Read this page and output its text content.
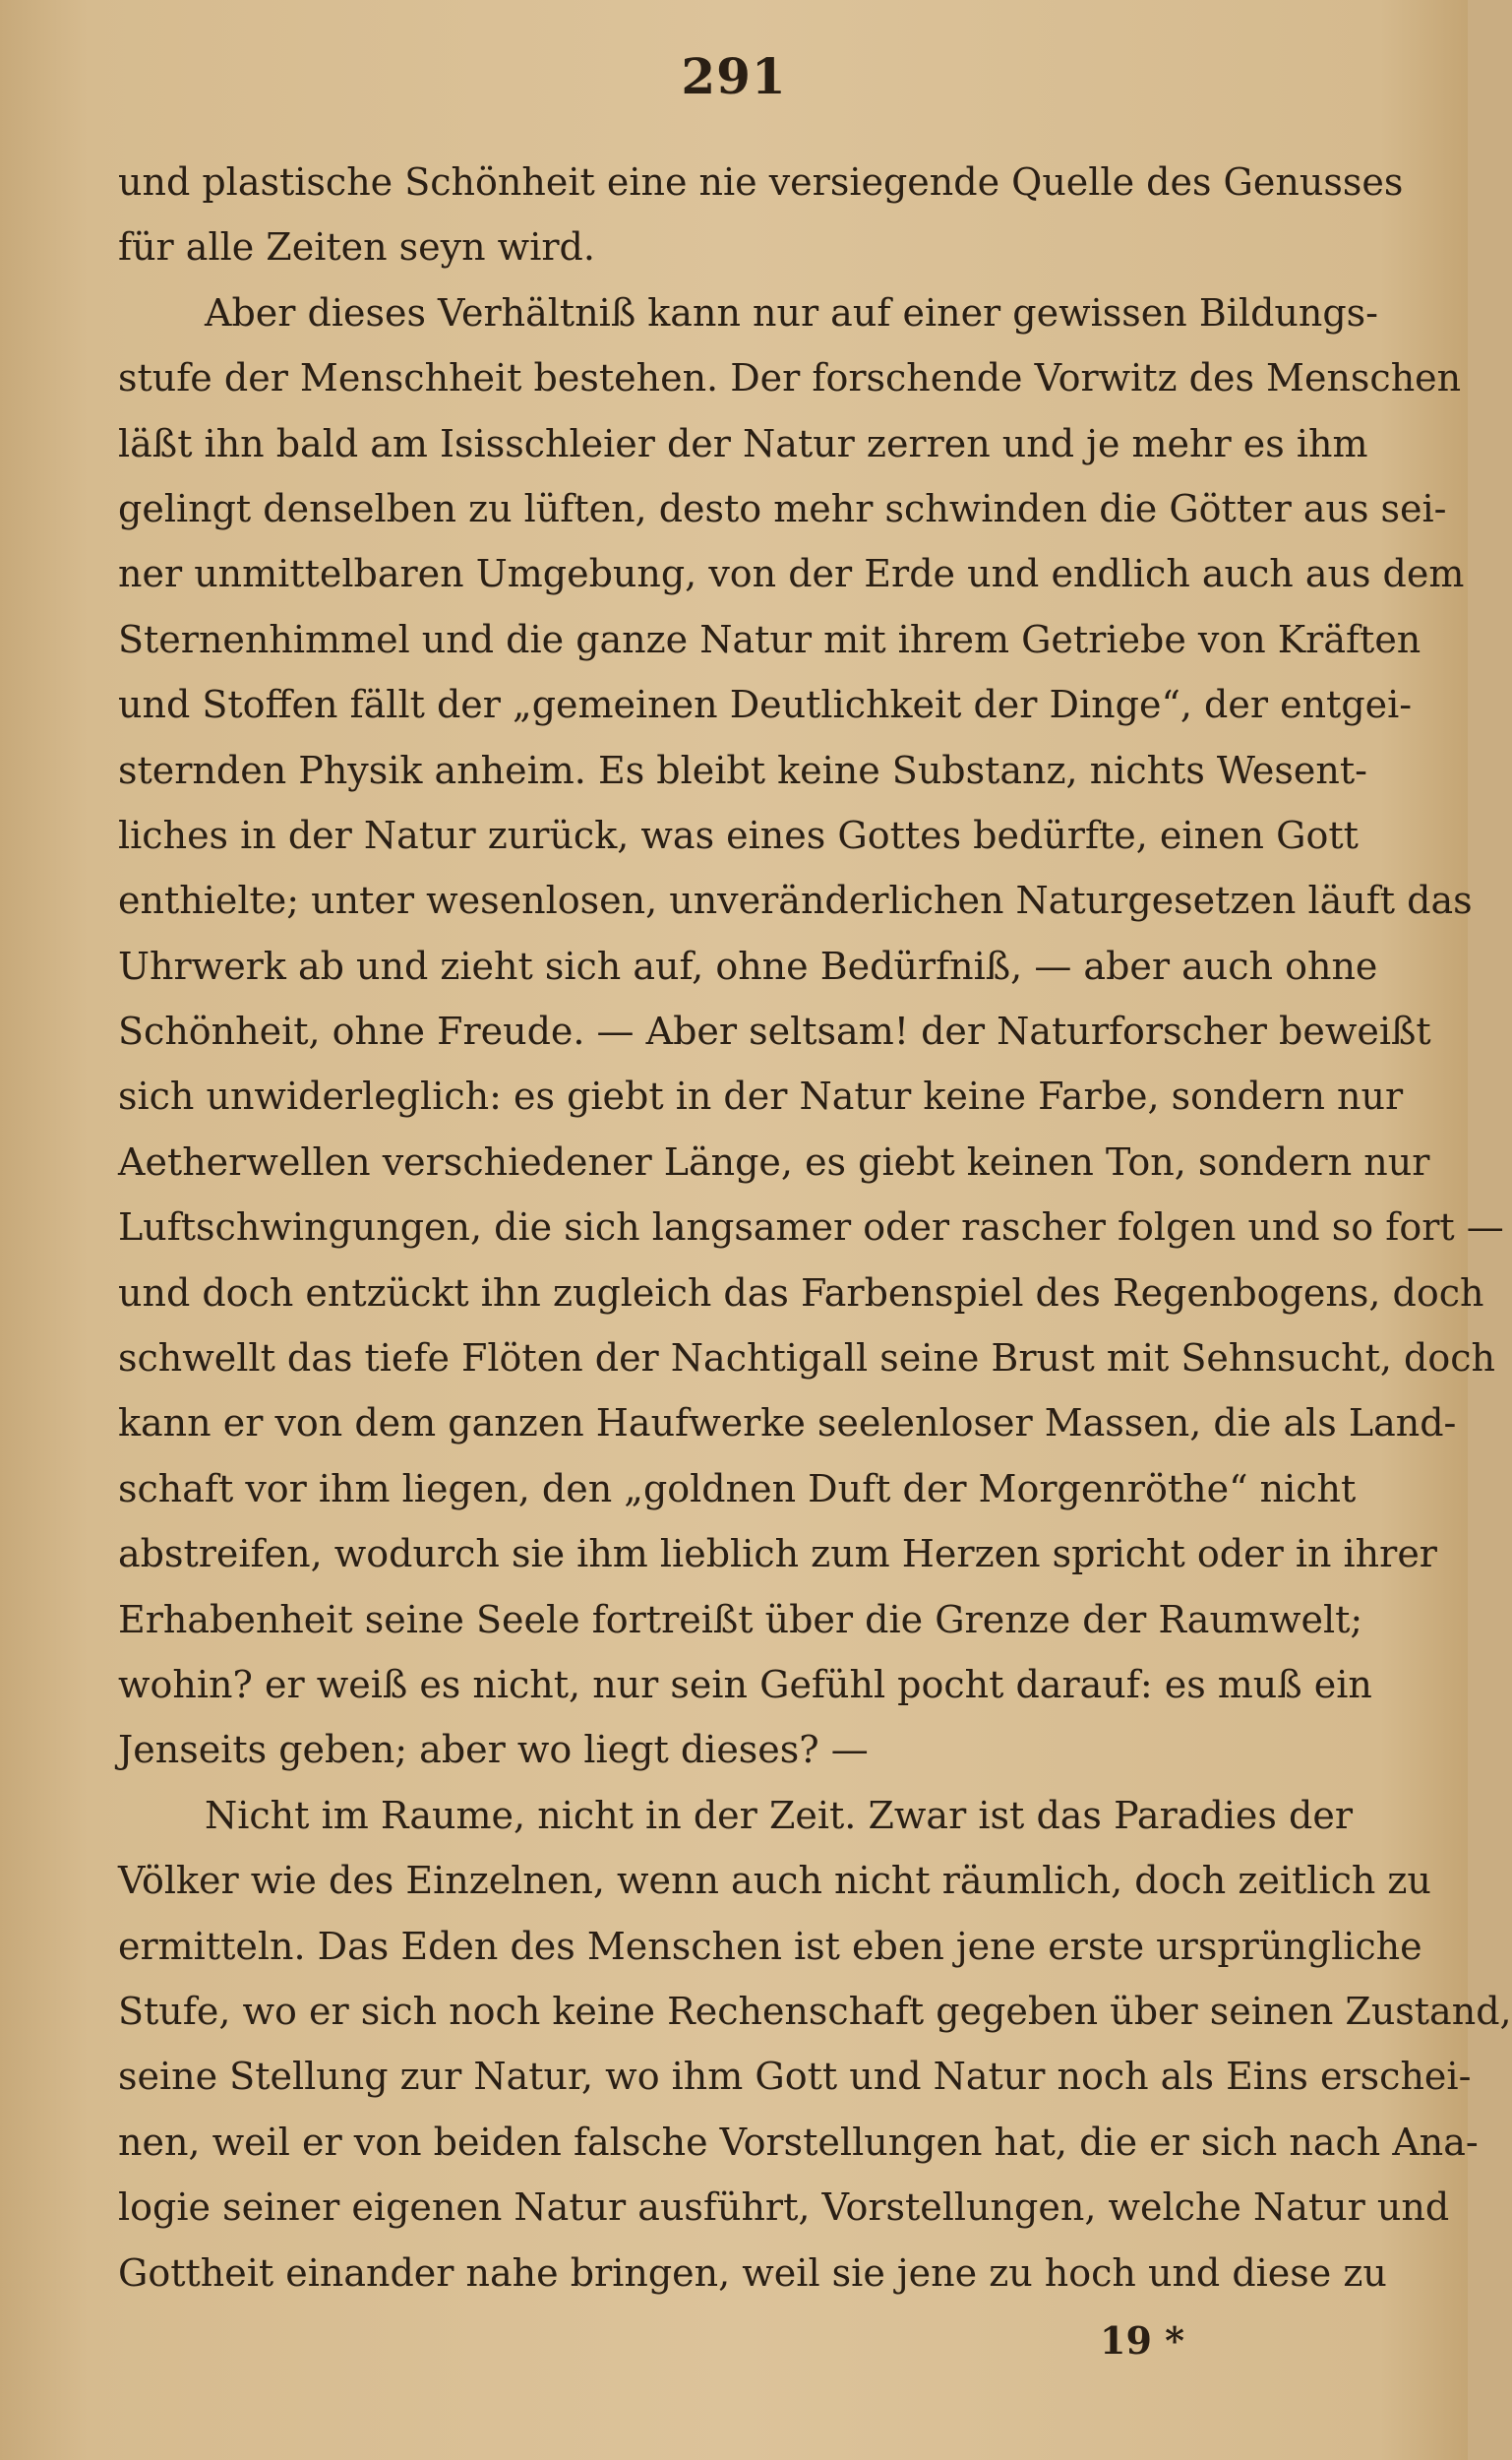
291
und plastische Schönheit eine nie versiegende Quelle des Genusses
für alle Zeiten seyn wird.
Aber dieses Verhältniß kann nur auf einer gewissen Bildungs-
stufe der Menschheit bestehen. Der forschende Vorwitz des Menschen
läßt ihn bald am Isisschleier der Natur zerren und je mehr es ihm
gelingt denselben zu lüften, desto mehr schwinden die Götter aus sei-
ner unmittelbaren Umgebung, von der Erde und endlich auch aus dem
Sternenhimmel und die ganze Natur mit ihrem Getriebe von Kräften
und Stoffen fällt der „gemeinen Deutlichkeit der Dinge“, der entgei-
sternden Physik anheim. Es bleibt keine Substanz, nichts Wesent-
liches in der Natur zurück, was eines Gottes bedürfte, einen Gott
enthielte; unter wesenlosen, unveränderlichen Naturgesetzen läuft das
Uhrwerk ab und zieht sich auf, ohne Bedürfniß, — aber auch ohne
Schönheit, ohne Freude. — Aber seltsam! der Naturforscher beweißt
sich unwiderleglich: es giebt in der Natur keine Farbe, sondern nur
Aetherwellen verschiedener Länge, es giebt keinen Ton, sondern nur
Luftschwingungen, die sich langsamer oder rascher folgen und so fort —
und doch entzückt ihn zugleich das Farbenspiel des Regenbogens, doch
schwellt das tiefe Flöten der Nachtigall seine Brust mit Sehnsucht, doch
kann er von dem ganzen Haufwerke seelenloser Massen, die als Land-
schaft vor ihm liegen, den „goldnen Duft der Morgenröthe“ nicht
abstreifen, wodurch sie ihm lieblich zum Herzen spricht oder in ihrer
Erhabenheit seine Seele fortreißt über die Grenze der Raumwelt;
wohin? er weiß es nicht, nur sein Gefühl pocht darauf: es muß ein
Jenseits geben; aber wo liegt dieses? —
Nicht im Raume, nicht in der Zeit. Zwar ist das Paradies der
Völker wie des Einzelnen, wenn auch nicht räumlich, doch zeitlich zu
ermitteln. Das Eden des Menschen ist eben jene erste ursprüngliche
Stufe, wo er sich noch keine Rechenschaft gegeben über seinen Zustand,
seine Stellung zur Natur, wo ihm Gott und Natur noch als Eins erschei-
nen, weil er von beiden falsche Vorstellungen hat, die er sich nach Ana-
logie seiner eigenen Natur ausführt, Vorstellungen, welche Natur und
Gottheit einander nahe bringen, weil sie jene zu hoch und diese zu
19 *
